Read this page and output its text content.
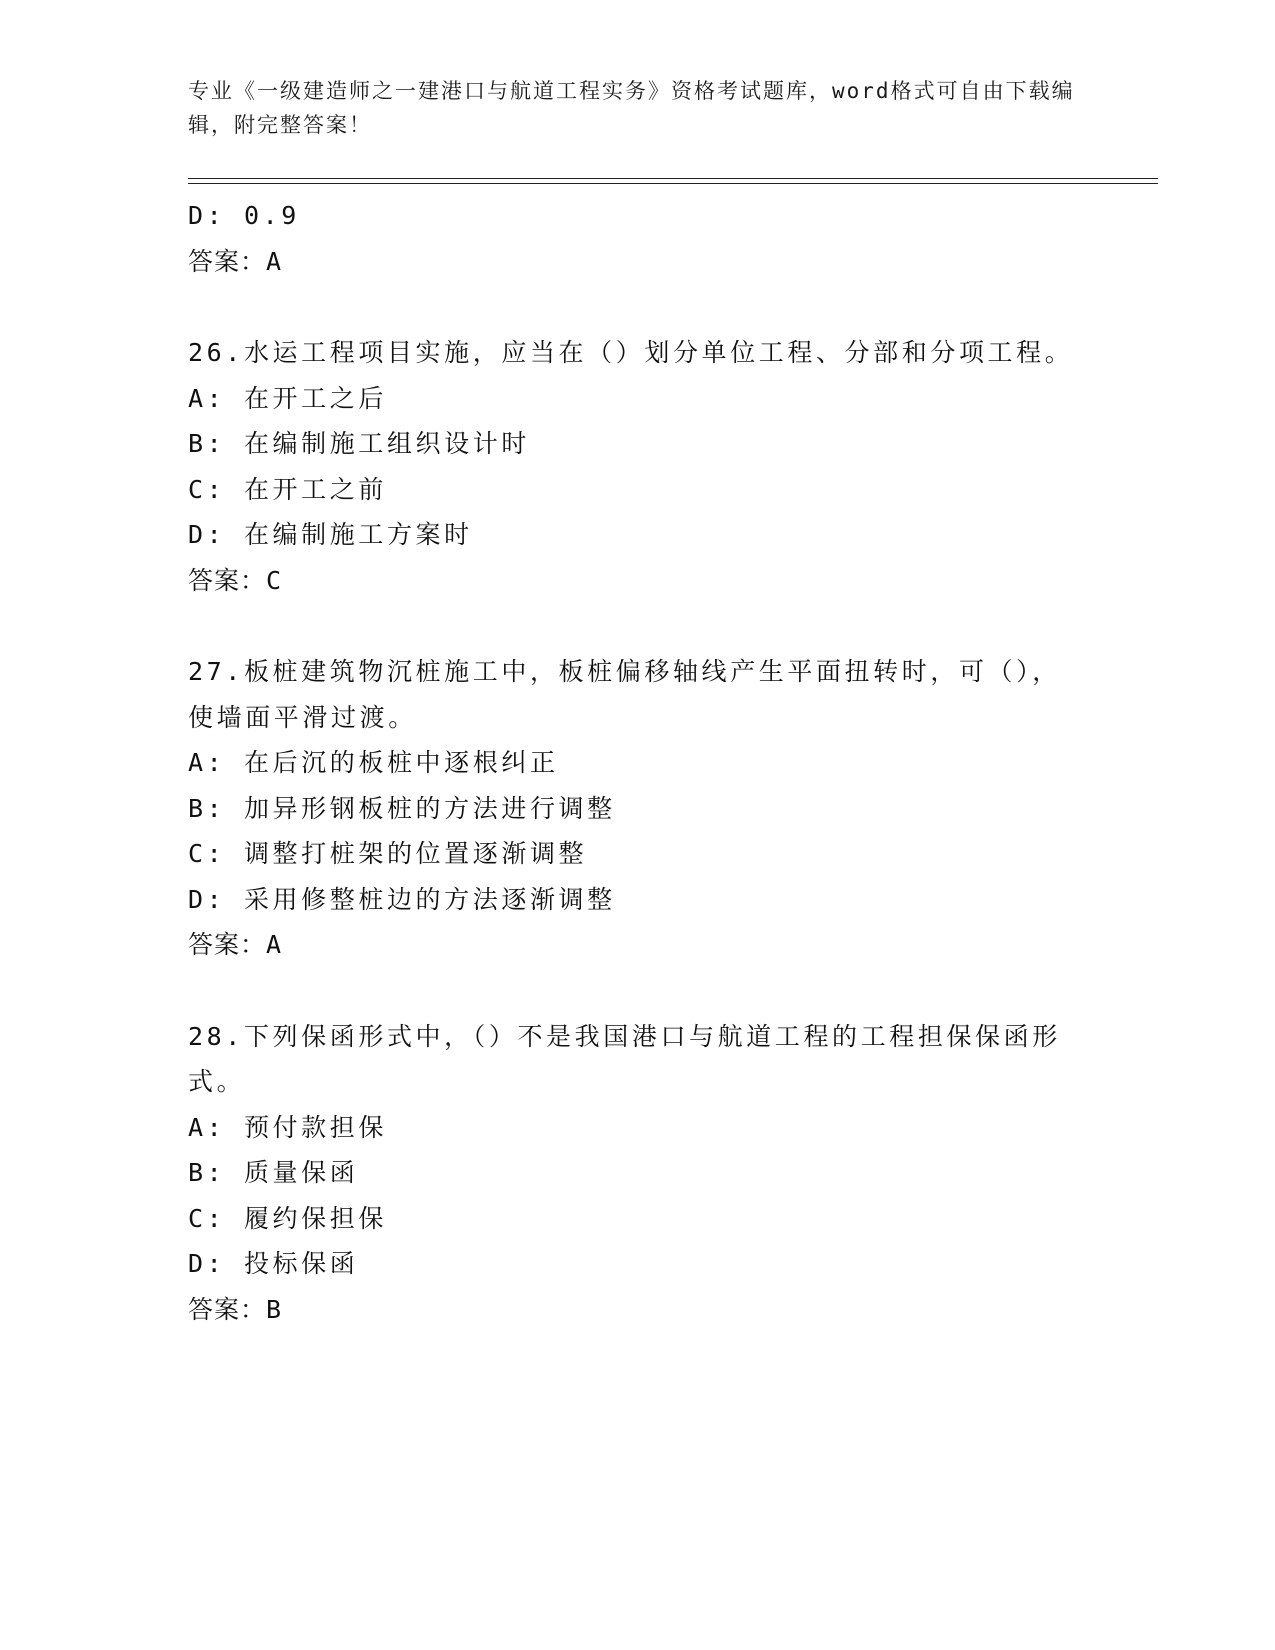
专业《一级建造师之一建港口与航道工程实务》资格考试题库，word格式可自由下载编辑，附完整答案！
D: 0.9
答案：A
26.水运工程项目实施，应当在（）划分单位工程、分部和分项工程。
A: 在开工之后
B: 在编制施工组织设计时
C: 在开工之前
D: 在编制施工方案时
答案：C
27.板桩建筑物沉桩施工中，板桩偏移轴线产生平面扭转时，可（），
使墙面平滑过渡。
A: 在后沉的板桩中逐根纠正
B: 加异形钢板桩的方法进行调整
C: 调整打桩架的位置逐渐调整
D: 采用修整桩边的方法逐渐调整
答案：A
28.下列保函形式中，（）不是我国港口与航道工程的工程担保保函形
式。
A: 预付款担保
B: 质量保函
C: 履约保担保
D: 投标保函
答案：B
